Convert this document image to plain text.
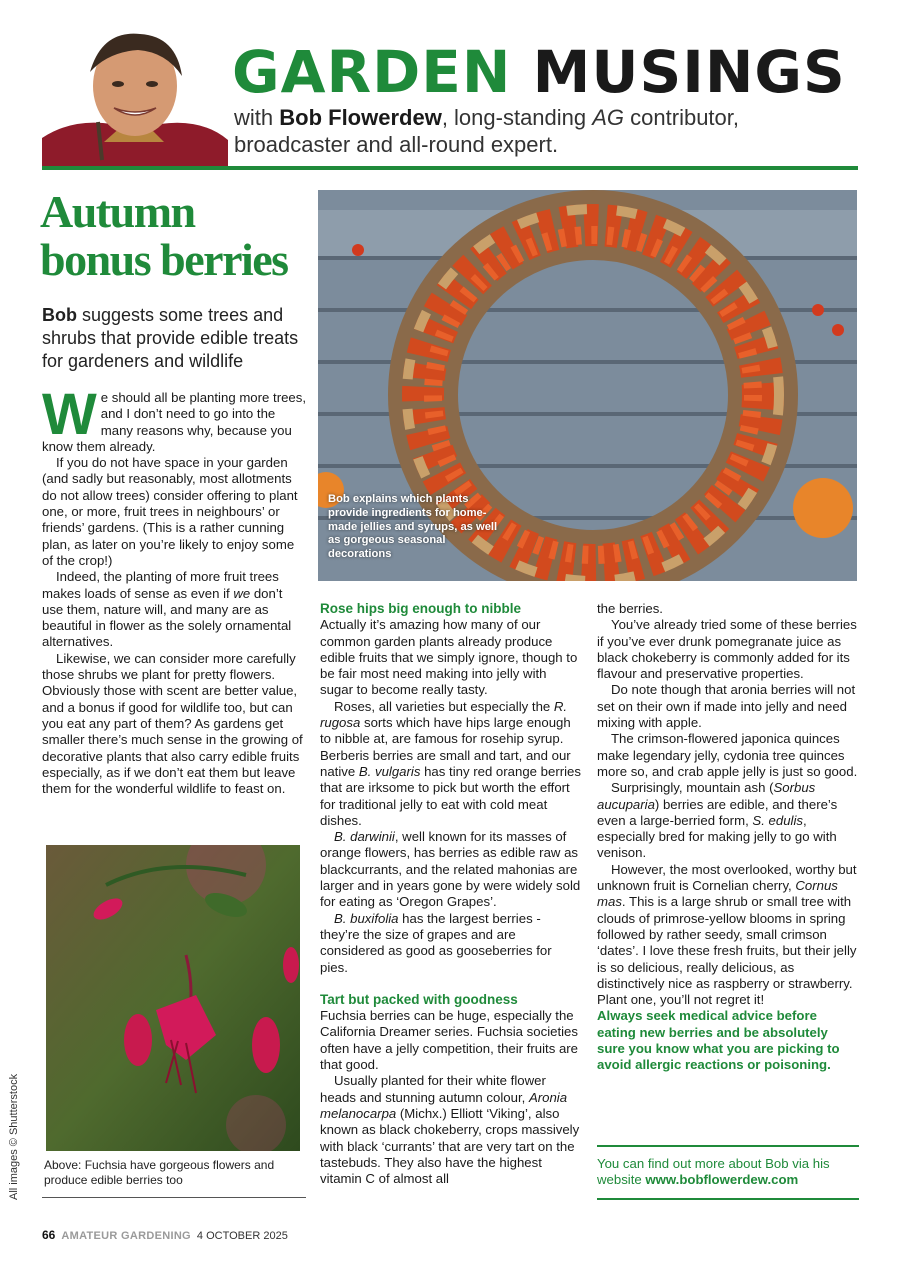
GARDEN MUSINGS
with Bob Flowerdew, long-standing AG contributor, broadcaster and all-round expert.
Autumn
bonus berries
Bob suggests some trees and shrubs that provide edible treats for gardeners and wildlife

We should all be planting more trees, and I don’t need to go into the many reasons why, because you know them already.

If you do not have space in your garden (and sadly but reasonably, most allotments do not allow trees) consider offering to plant one, or more, fruit trees in neighbours’ or friends’ gardens. (This is a rather cunning plan, as later on you’re likely to enjoy some of the crop!)

Indeed, the planting of more fruit trees makes loads of sense as even if we don’t use them, nature will, and many are as beautiful in flower as the solely ornamental alternatives.

Likewise, we can consider more carefully those shrubs we plant for pretty flowers. Obviously those with scent are better value, and a bonus if good for wildlife too, but can you eat any part of them? As gardens get smaller there’s much sense in the growing of decorative plants that also carry edible fruits especially, as if we don’t eat them but leave them for the wonderful wildlife to feast on.

Bob explains which plants provide ingredients for home-made jellies and syrups, as well as gorgeous seasonal decorations
Above: Fuchsia have gorgeous flowers and produce edible berries too
All images © Shutterstock
Rose hips big enough to nibble

Actually it’s amazing how many of our common garden plants already produce edible fruits that we simply ignore, though to be fair most need making into jelly with sugar to become really tasty.

Roses, all varieties but especially the R. rugosa sorts which have hips large enough to nibble at, are famous for rosehip syrup. Berberis berries are small and tart, and our native B. vulgaris has tiny red orange berries that are irksome to pick but worth the effort for traditional jelly to eat with cold meat dishes.

B. darwinii, well known for its masses of orange flowers, has berries as edible raw as blackcurrants, and the related mahonias are larger and in years gone by were widely sold for eating as ‘Oregon Grapes’.

B. buxifolia has the largest berries - they’re the size of grapes and are considered as good as gooseberries for pies.

Tart but packed with goodness

Fuchsia berries can be huge, especially the California Dreamer series. Fuchsia societies often have a jelly competition, their fruits are that good.

Usually planted for their white flower heads and stunning autumn colour, Aronia melanocarpa (Michx.) Elliott ‘Viking’, also known as black chokeberry, crops massively with black ‘currants’ that are very tart on the tastebuds. They also have the highest vitamin C of almost all

the berries.

You’ve already tried some of these berries if you’ve ever drunk pomegranate juice as black chokeberry is commonly added for its flavour and preservative properties.

Do note though that aronia berries will not set on their own if made into jelly and need mixing with apple.

The crimson-flowered japonica quinces make legendary jelly, cydonia tree quinces more so, and crab apple jelly is just so good.

Surprisingly, mountain ash (Sorbus aucuparia) berries are edible, and there’s even a large-berried form, S. edulis, especially bred for making jelly to go with venison.

However, the most overlooked, worthy but unknown fruit is Cornelian cherry, Cornus mas. This is a large shrub or small tree with clouds of primrose-yellow blooms in spring followed by rather seedy, small crimson ‘dates’. I love these fresh fruits, but their jelly is so delicious, really delicious, as distinctively nice as raspberry or strawberry. Plant one, you’ll not regret it!

Always seek medical advice before eating new berries and be absolutely sure you know what you are picking to avoid allergic reactions or poisoning.

You can find out more about Bob via his website www.bobflowerdew.com
66 AMATEUR GARDENING 4 OCTOBER 2025
